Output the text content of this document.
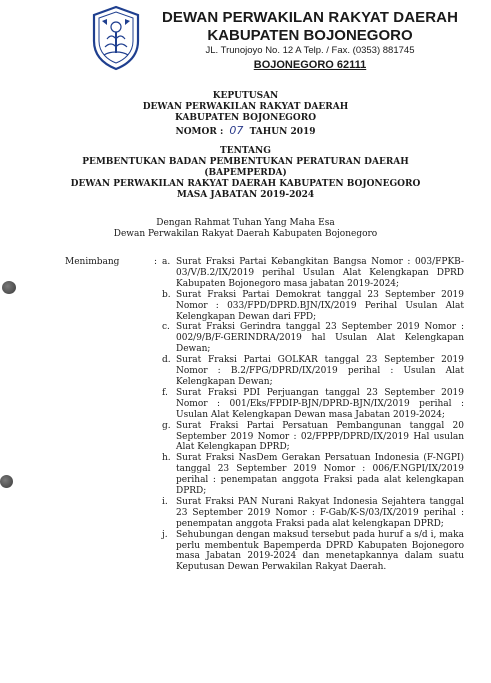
DEWAN PERWAKILAN RAKYAT DAERAH
KABUPATEN BOJONEGORO
JL. Trunojoyo No. 12 A Telp. / Fax. (0353) 881745
BOJONEGORO 62111
KEPUTUSAN
DEWAN PERWAKILAN RAKYAT DAERAH
KABUPATEN BOJONEGORO
NOMOR : 07 TAHUN 2019
TENTANG
PEMBENTUKAN BADAN PEMBENTUKAN PERATURAN DAERAH
(BAPEMPERDA)
DEWAN PERWAKILAN RAKYAT DAERAH KABUPATEN BOJONEGORO
MASA JABATAN 2019-2024
Dengan Rahmat Tuhan Yang Maha Esa
Dewan Perwakilan Rakyat Daerah Kabupaten Bojonegoro
Menimbang	: a. Surat Fraksi Partai Kebangkitan Bangsa Nomor : 003/FPKB-03/V/B.2/IX/2019 perihal Usulan Alat Kelengkapan DPRD Kabupaten Bojonegoro masa jabatan 2019-2024;
b. Surat Fraksi Partai Demokrat tanggal 23 September 2019 Nomor : 033/FPD/DPRD.BJN/IX/2019 Perihal Usulan Alat Kelengkapan Dewan dari FPD;
c. Surat Fraksi Gerindra tanggal 23 September 2019 Nomor : 002/9/B/F-GERINDRA/2019 hal Usulan Alat Kelengkapan Dewan;
d. Surat Fraksi Partai GOLKAR tanggal 23 September 2019 Nomor : B.2/FPG/DPRD/IX/2019 perihal : Usulan Alat Kelengkapan Dewan;
f. Surat Fraksi PDI Perjuangan tanggal 23 September 2019 Nomor : 001/Eks/FPDIP-BJN/DPRD-BJN/IX/2019 perihal : Usulan Alat Kelengkapan Dewan masa Jabatan 2019-2024;
g. Surat Fraksi Partai Persatuan Pembangunan tanggal 20 September 2019 Nomor : 02/FPPP/DPRD/IX/2019 Hal usulan Alat Kelengkapan DPRD;
h. Surat Fraksi NasDem Gerakan Persatuan Indonesia (F-NGPI) tanggal 23 September 2019 Nomor : 006/F.NGPI/IX/2019 perihal : penempatan anggota Fraksi pada alat kelengkapan DPRD;
i. Surat Fraksi PAN Nurani Rakyat Indonesia Sejahtera tanggal 23 September 2019 Nomor : F-Gab/K-S/03/IX/2019 perihal : penempatan anggota Fraksi pada alat kelengkapan DPRD;
j. Sehubungan dengan maksud tersebut pada huruf a s/d i, maka perlu membentuk Bapemperda DPRD Kabupaten Bojonegoro masa Jabatan 2019-2024 dan menetapkannya dalam suatu Keputusan Dewan Perwakilan Rakyat Daerah.
